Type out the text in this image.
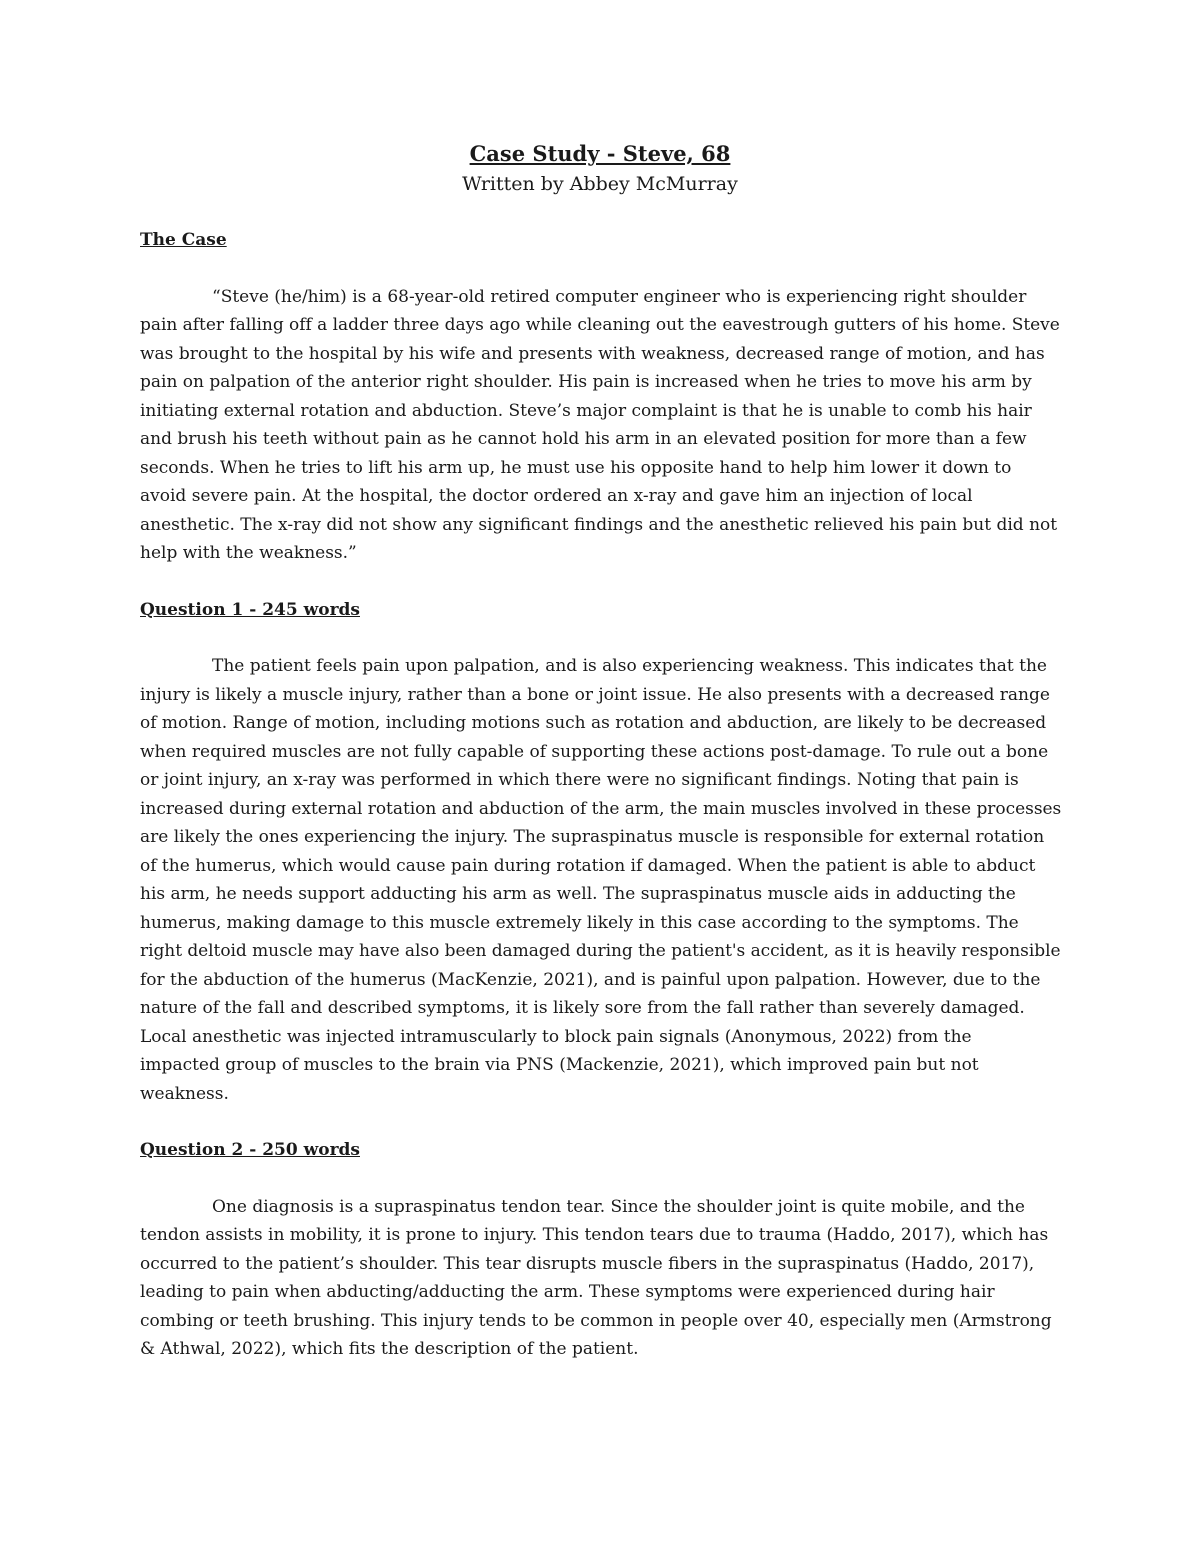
Case Study - Steve, 68
Written by Abbey McMurray
The Case
“Steve (he/him) is a 68-year-old retired computer engineer who is experiencing right shoulder
pain after falling off a ladder three days ago while cleaning out the eavestrough gutters of his home. Steve
was brought to the hospital by his wife and presents with weakness, decreased range of motion, and has
pain on palpation of the anterior right shoulder. His pain is increased when he tries to move his arm by
initiating external rotation and abduction. Steve’s major complaint is that he is unable to comb his hair
and brush his teeth without pain as he cannot hold his arm in an elevated position for more than a few
seconds. When he tries to lift his arm up, he must use his opposite hand to help him lower it down to
avoid severe pain. At the hospital, the doctor ordered an x-ray and gave him an injection of local
anesthetic. The x-ray did not show any significant findings and the anesthetic relieved his pain but did not
help with the weakness.”
Question 1 - 245 words
The patient feels pain upon palpation, and is also experiencing weakness. This indicates that the
injury is likely a muscle injury, rather than a bone or joint issue. He also presents with a decreased range
of motion. Range of motion, including motions such as rotation and abduction, are likely to be decreased
when required muscles are not fully capable of supporting these actions post-damage. To rule out a bone
or joint injury, an x-ray was performed in which there were no significant findings. Noting that pain is
increased during external rotation and abduction of the arm, the main muscles involved in these processes
are likely the ones experiencing the injury. The supraspinatus muscle is responsible for external rotation
of the humerus, which would cause pain during rotation if damaged. When the patient is able to abduct
his arm, he needs support adducting his arm as well. The supraspinatus muscle aids in adducting the
humerus, making damage to this muscle extremely likely in this case according to the symptoms. The
right deltoid muscle may have also been damaged during the patient's accident, as it is heavily responsible
for the abduction of the humerus (MacKenzie, 2021), and is painful upon palpation. However, due to the
nature of the fall and described symptoms, it is likely sore from the fall rather than severely damaged.
Local anesthetic was injected intramuscularly to block pain signals (Anonymous, 2022) from the
impacted group of muscles to the brain via PNS (Mackenzie, 2021), which improved pain but not
weakness.
Question 2 - 250 words
One diagnosis is a supraspinatus tendon tear. Since the shoulder joint is quite mobile, and the
tendon assists in mobility, it is prone to injury. This tendon tears due to trauma (Haddo, 2017), which has
occurred to the patient’s shoulder. This tear disrupts muscle fibers in the supraspinatus (Haddo, 2017),
leading to pain when abducting/adducting the arm. These symptoms were experienced during hair
combing or teeth brushing. This injury tends to be common in people over 40, especially men (Armstrong
& Athwal, 2022), which fits the description of the patient.
